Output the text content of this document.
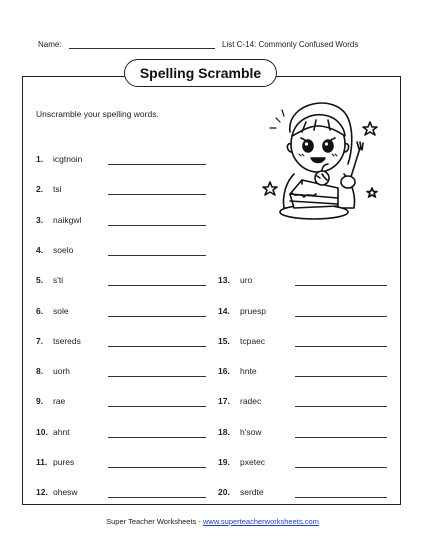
Name:	List C-14: Commonly Confused Words
Spelling Scramble
Unscramble your spelling words.
1. icgtnoin
2. tsi
3. naikgwl
4. soelo
5. s'ti
6. sole
7. tsereds
8. uorh
9. rae
10. ahnt
11. pures
12. ohesw
13. uro
14. pruesp
15. tcpaec
16. hnte
17. radec
18. h'sow
19. pxetec
20. serdte
Super Teacher Worksheets - www.superteacherworksheets.com
